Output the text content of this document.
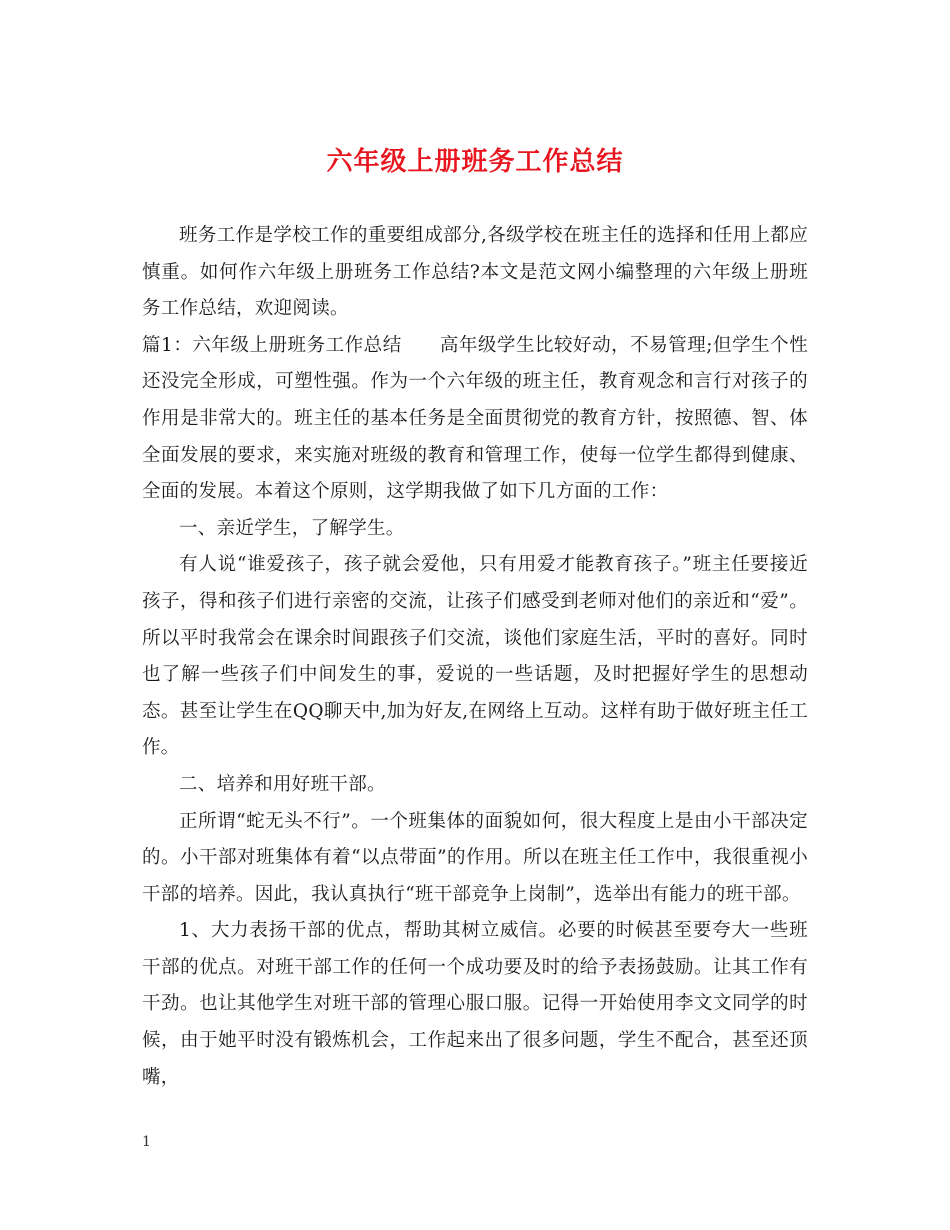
六年级上册班务工作总结

班务工作是学校工作的重要组成部分,各级学校在班主任的选择和任用上都应慎重。如何作六年级上册班务工作总结?本文是范文网小编整理的六年级上册班务工作总结，欢迎阅读。

篇1：六年级上册班务工作总结　　高年级学生比较好动，不易管理;但学生个性还没完全形成，可塑性强。作为一个六年级的班主任，教育观念和言行对孩子的作用是非常大的。班主任的基本任务是全面贯彻党的教育方针，按照德、智、体全面发展的要求，来实施对班级的教育和管理工作，使每一位学生都得到健康、全面的发展。本着这个原则，这学期我做了如下几方面的工作：

一、亲近学生，了解学生。

有人说“谁爱孩子，孩子就会爱他，只有用爱才能教育孩子。”班主任要接近孩子，得和孩子们进行亲密的交流，让孩子们感受到老师对他们的亲近和“爱”。所以平时我常会在课余时间跟孩子们交流，谈他们家庭生活，平时的喜好。同时也了解一些孩子们中间发生的事，爱说的一些话题，及时把握好学生的思想动态。甚至让学生在QQ聊天中,加为好友,在网络上互动。这样有助于做好班主任工作。

二、培养和用好班干部。

正所谓“蛇无头不行”。一个班集体的面貌如何，很大程度上是由小干部决定的。小干部对班集体有着“以点带面”的作用。所以在班主任工作中，我很重视小干部的培养。因此，我认真执行“班干部竞争上岗制”，选举出有能力的班干部。

1、大力表扬干部的优点，帮助其树立威信。必要的时候甚至要夸大一些班干部的优点。对班干部工作的任何一个成功要及时的给予表扬鼓励。让其工作有干劲。也让其他学生对班干部的管理心服口服。记得一开始使用李文文同学的时候，由于她平时没有锻炼机会，工作起来出了很多问题，学生不配合，甚至还顶嘴，

1
